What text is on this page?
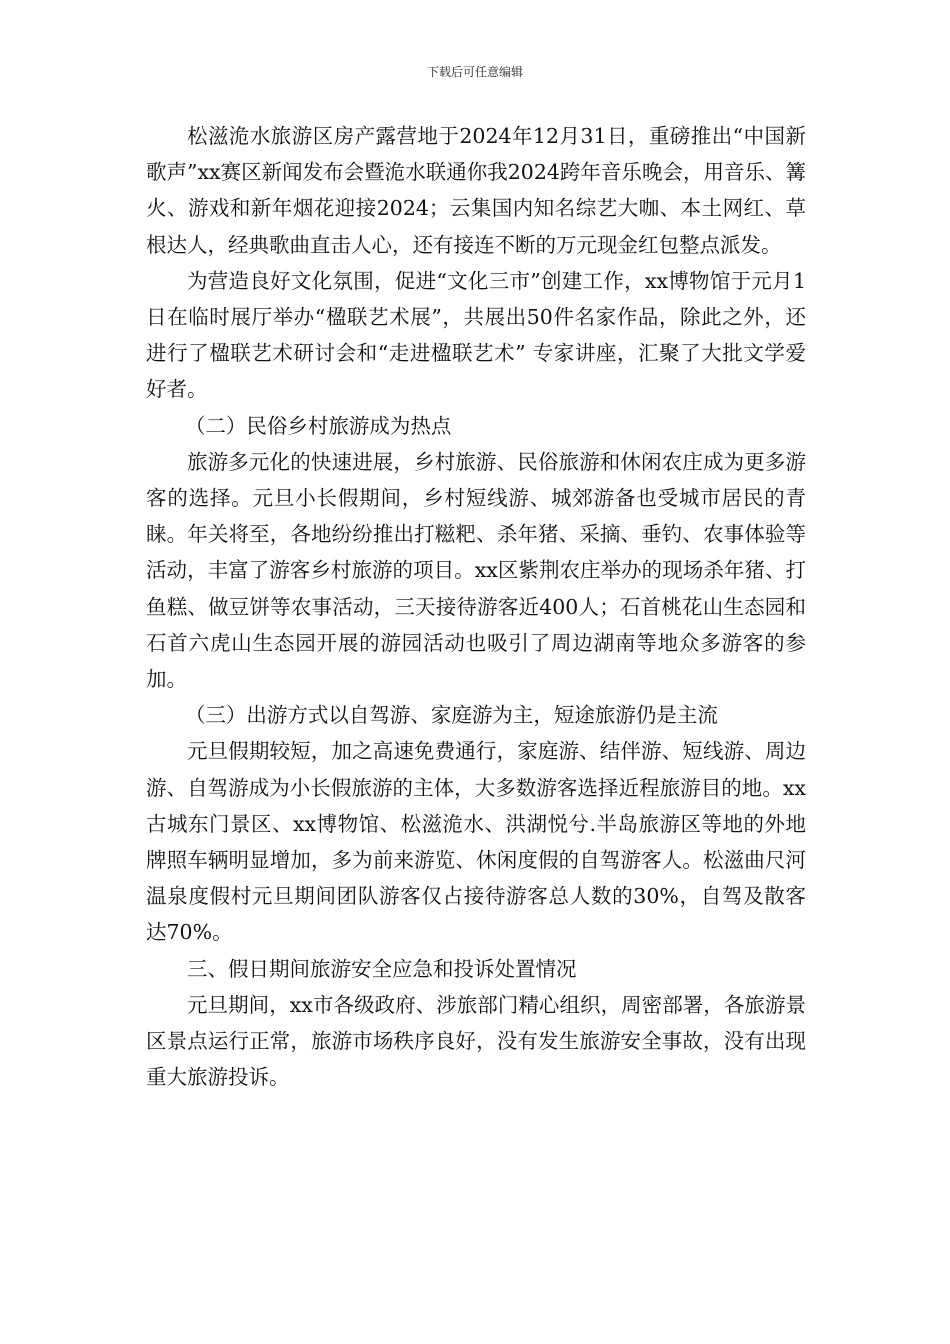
下载后可任意编辑

松滋洈水旅游区房产露营地于2024年12月31日，重磅推出“中国新歌声”xx赛区新闻发布会暨洈水联通你我2024跨年音乐晚会，用音乐、篝火、游戏和新年烟花迎接2024；云集国内知名综艺大咖、本土网红、草根达人，经典歌曲直击人心，还有接连不断的万元现金红包整点派发。

为营造良好文化氛围，促进“文化三市”创建工作，xx博物馆于元月1日在临时展厅举办“楹联艺术展”，共展出50件名家作品，除此之外，还进行了楹联艺术研讨会和“走进楹联艺术” 专家讲座，汇聚了大批文学爱好者。

（二）民俗乡村旅游成为热点

旅游多元化的快速进展，乡村旅游、民俗旅游和休闲农庄成为更多游客的选择。元旦小长假期间，乡村短线游、城郊游备也受城市居民的青睐。年关将至，各地纷纷推出打糍粑、杀年猪、采摘、垂钓、农事体验等活动，丰富了游客乡村旅游的项目。xx区紫荆农庄举办的现场杀年猪、打鱼糕、做豆饼等农事活动，三天接待游客近400人；石首桃花山生态园和石首六虎山生态园开展的游园活动也吸引了周边湖南等地众多游客的参加。

（三）出游方式以自驾游、家庭游为主，短途旅游仍是主流

元旦假期较短，加之高速免费通行，家庭游、结伴游、短线游、周边游、自驾游成为小长假旅游的主体，大多数游客选择近程旅游目的地。xx古城东门景区、xx博物馆、松滋洈水、洪湖悦兮.半岛旅游区等地的外地牌照车辆明显增加，多为前来游览、休闲度假的自驾游客人。松滋曲尺河温泉度假村元旦期间团队游客仅占接待游客总人数的30%，自驾及散客达70%。

三、假日期间旅游安全应急和投诉处置情况

元旦期间，xx市各级政府、涉旅部门精心组织，周密部署，各旅游景区景点运行正常，旅游市场秩序良好，没有发生旅游安全事故，没有出现重大旅游投诉。
